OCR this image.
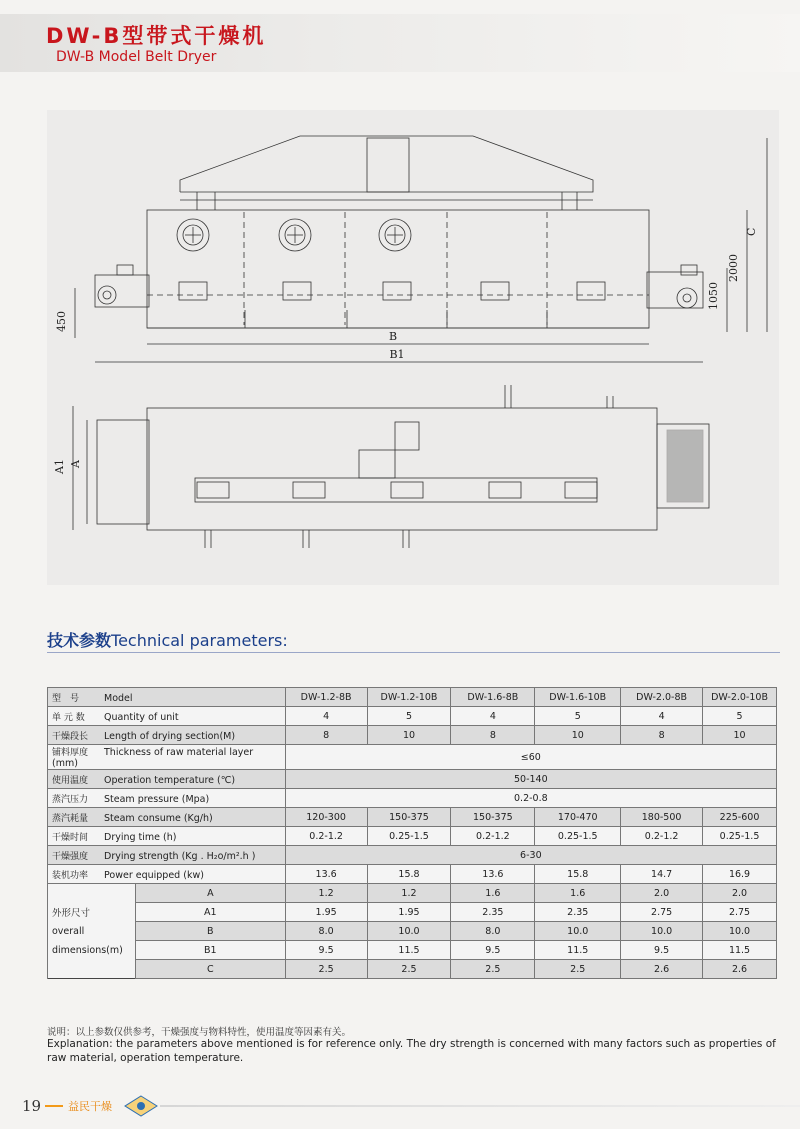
DW-B型带式干燥机
DW-B Model Belt Dryer
C
2000
1050
450
B
B1
A1 A
技术参数Technical parameters:
型　号 Model		DW-1.2-8B	DW-1.2-10B	DW-1.6-8B	DW-1.6-10B	DW-2.0-8B	DW-2.0-10B
单 元 数 Quantity of unit		4	5	4	5	4	5
干燥段长 Length of drying section(M)		8	10	8	10	8	10
铺料厚度 Thickness of raw material layer (mm)		≤60					
使用温度 Operation temperature (℃)		50-140					
蒸汽压力 Steam pressure (Mpa)		0.2-0.8					
蒸汽耗量 Steam consume (Kg/h)		120-300	150-375	150-375	170-470	180-500	225-600
干燥时间 Drying time (h)		0.2-1.2	0.25-1.5	0.2-1.2	0.25-1.5	0.2-1.2	0.25-1.5
干燥强度 Drying strength (Kg . H₂o/m².h )		6-30					
装机功率 Power equipped (kw)		13.6	15.8	13.6	15.8	14.7	16.9
	A	1.2	1.2	1.6	1.6	2.0	2.0
外形尺寸	A1	1.95	1.95	2.35	2.35	2.75	2.75
overall	B	8.0	10.0	8.0	10.0	10.0	10.0
dimensions(m)	B1	9.5	11.5	9.5	11.5	9.5	11.5
	C	2.5	2.5	2.5	2.5	2.6	2.6
说明：以上参数仅供参考，干燥强度与物料特性，使用温度等因素有关。
Explanation: the parameters above mentioned is for reference only. The dry strength is concerned with many factors such as properties of raw material, operation temperature.
19 益民干燥
